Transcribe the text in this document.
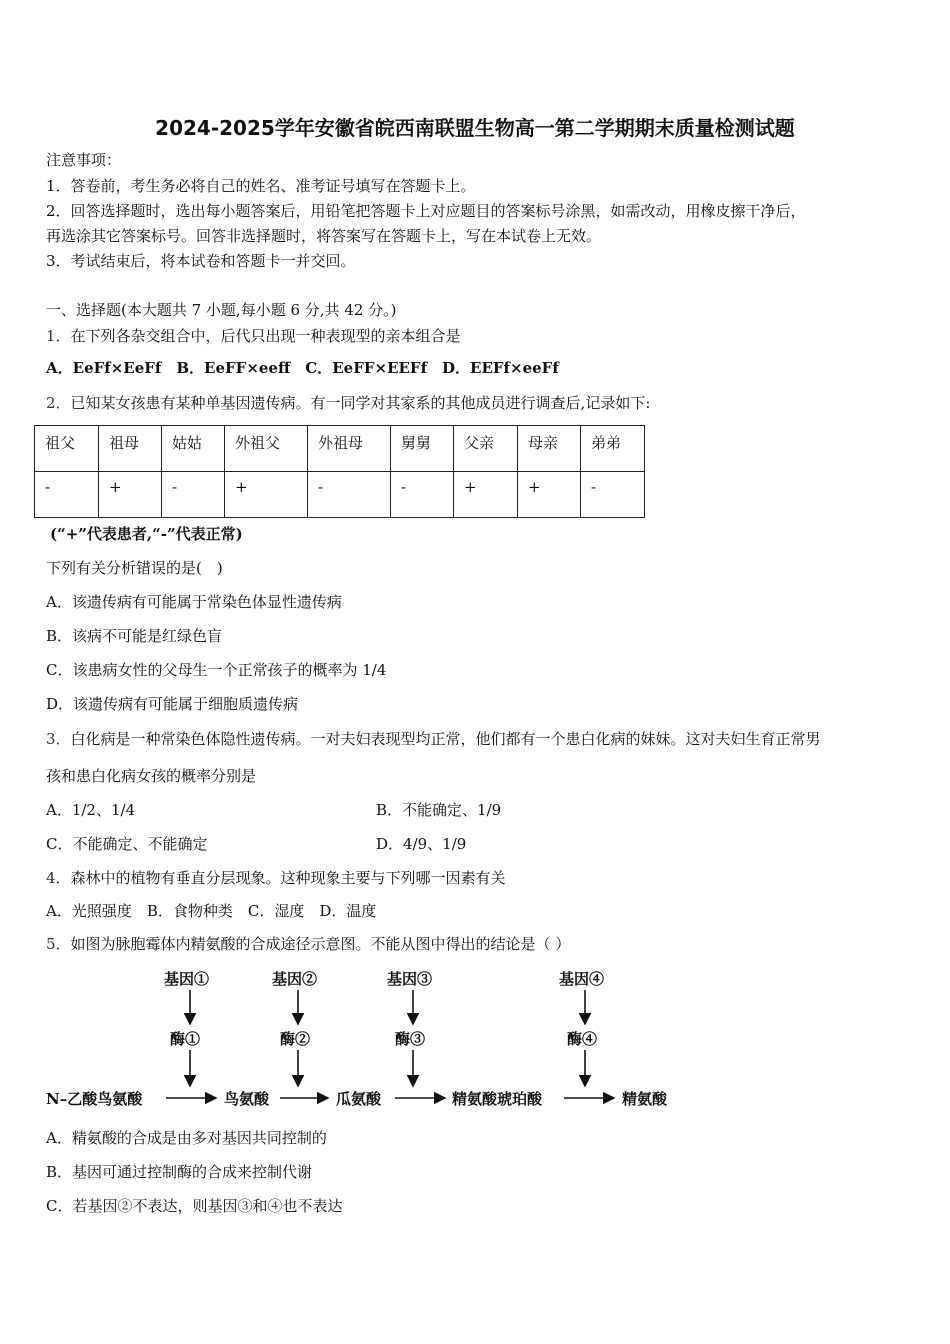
2024-2025学年安徽省皖西南联盟生物高一第二学期期末质量检测试题
注意事项：
1．答卷前，考生务必将自己的姓名、准考证号填写在答题卡上。
2．回答选择题时，选出每小题答案后，用铅笔把答题卡上对应题目的答案标号涂黑，如需改动，用橡皮擦干净后，
再选涂其它答案标号。回答非选择题时，将答案写在答题卡上，写在本试卷上无效。
3．考试结束后，将本试卷和答题卡一并交回。
一、选择题(本大题共 7 小题,每小题 6 分,共 42 分。)
1．在下列各杂交组合中，后代只出现一种表现型的亲本组合是
A．EeFf×EeFf　B．EeFF×eeff　C．EeFF×EEFf　D．EEFf×eeFf
2．已知某女孩患有某种单基因遗传病。有一同学对其家系的其他成员进行调查后,记录如下:
祖父	祖母	姑姑	外祖父	外祖母	舅舅	父亲	母亲	弟弟
-	+	-	+	-	-	+	+	-
(“+”代表患者,“-”代表正常)
下列有关分析错误的是(　)
A．该遗传病有可能属于常染色体显性遗传病
B．该病不可能是红绿色盲
C．该患病女性的父母生一个正常孩子的概率为 1/4
D．该遗传病有可能属于细胞质遗传病
3．白化病是一种常染色体隐性遗传病。一对夫妇表现型均正常，他们都有一个患白化病的妹妹。这对夫妇生育正常男
孩和患白化病女孩的概率分别是
A．1/2、1/4	B．不能确定、1/9
C．不能确定、不能确定	D．4/9、1/9
4．森林中的植物有垂直分层现象。这种现象主要与下列哪一因素有关
A．光照强度　B．食物种类　C．湿度　D．温度
5．如图为脉胞霉体内精氨酸的合成途径示意图。不能从图中得出的结论是（ ）
基因①	基因②	基因③	基因④
酶①	酶②	酶③	酶④
N–乙酸鸟氨酸	鸟氨酸	瓜氨酸	精氨酸琥珀酸	精氨酸
A．精氨酸的合成是由多对基因共同控制的
B．基因可通过控制酶的合成来控制代谢
C．若基因②不表达，则基因③和④也不表达
